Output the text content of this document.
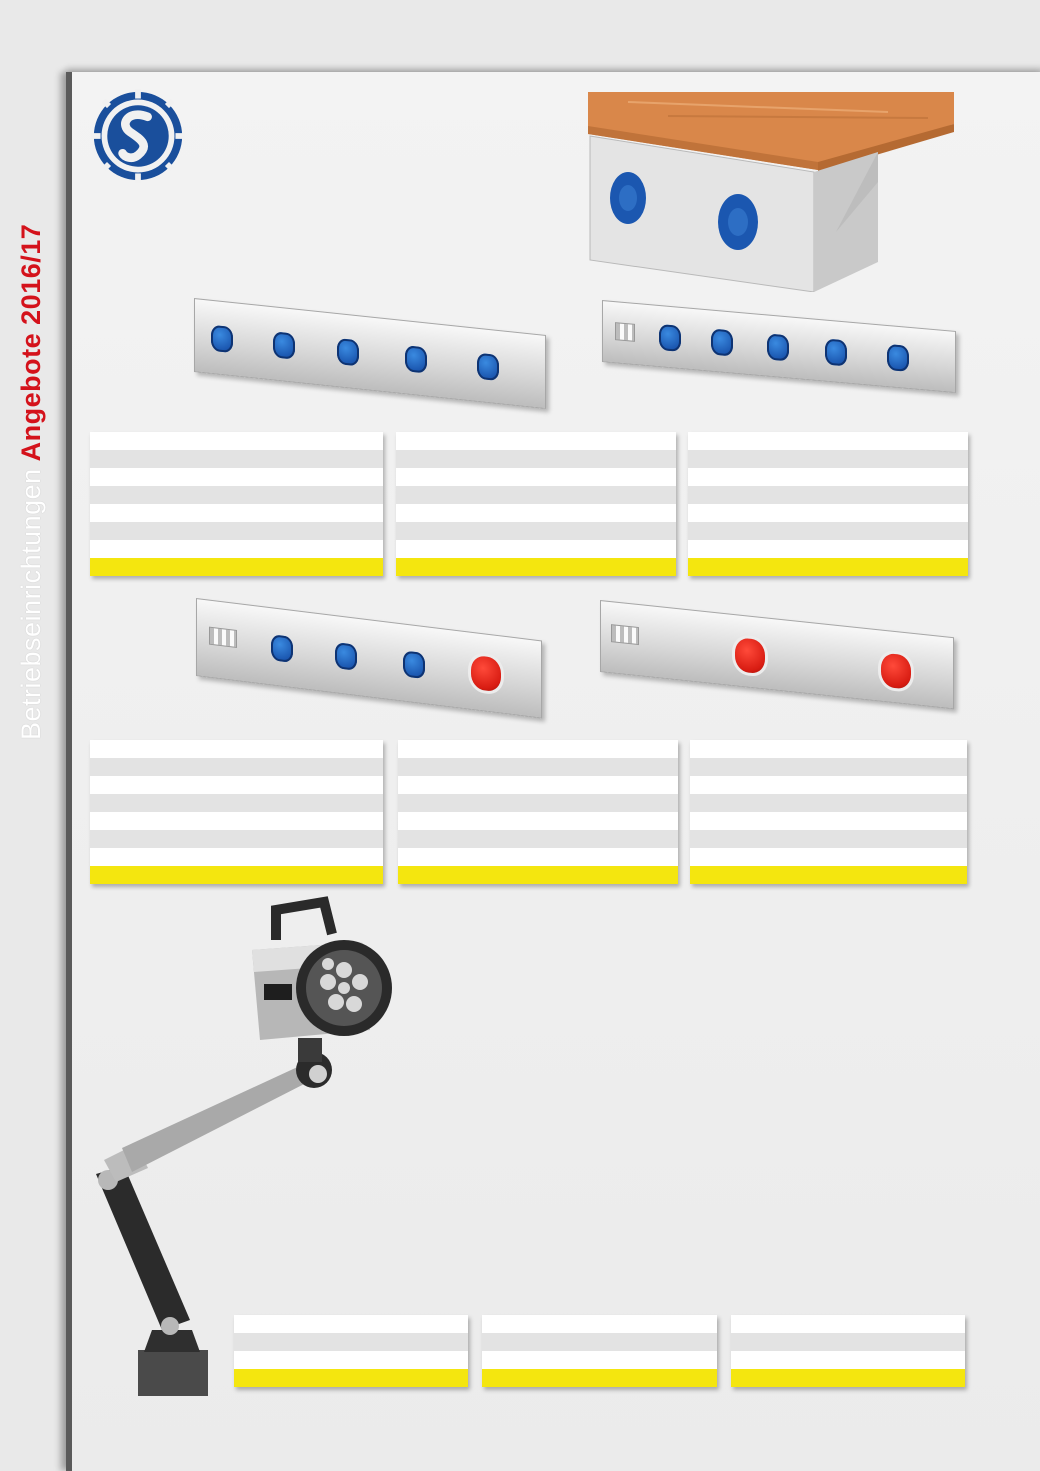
Betriebseinrichtungen Angebote 2016/17
